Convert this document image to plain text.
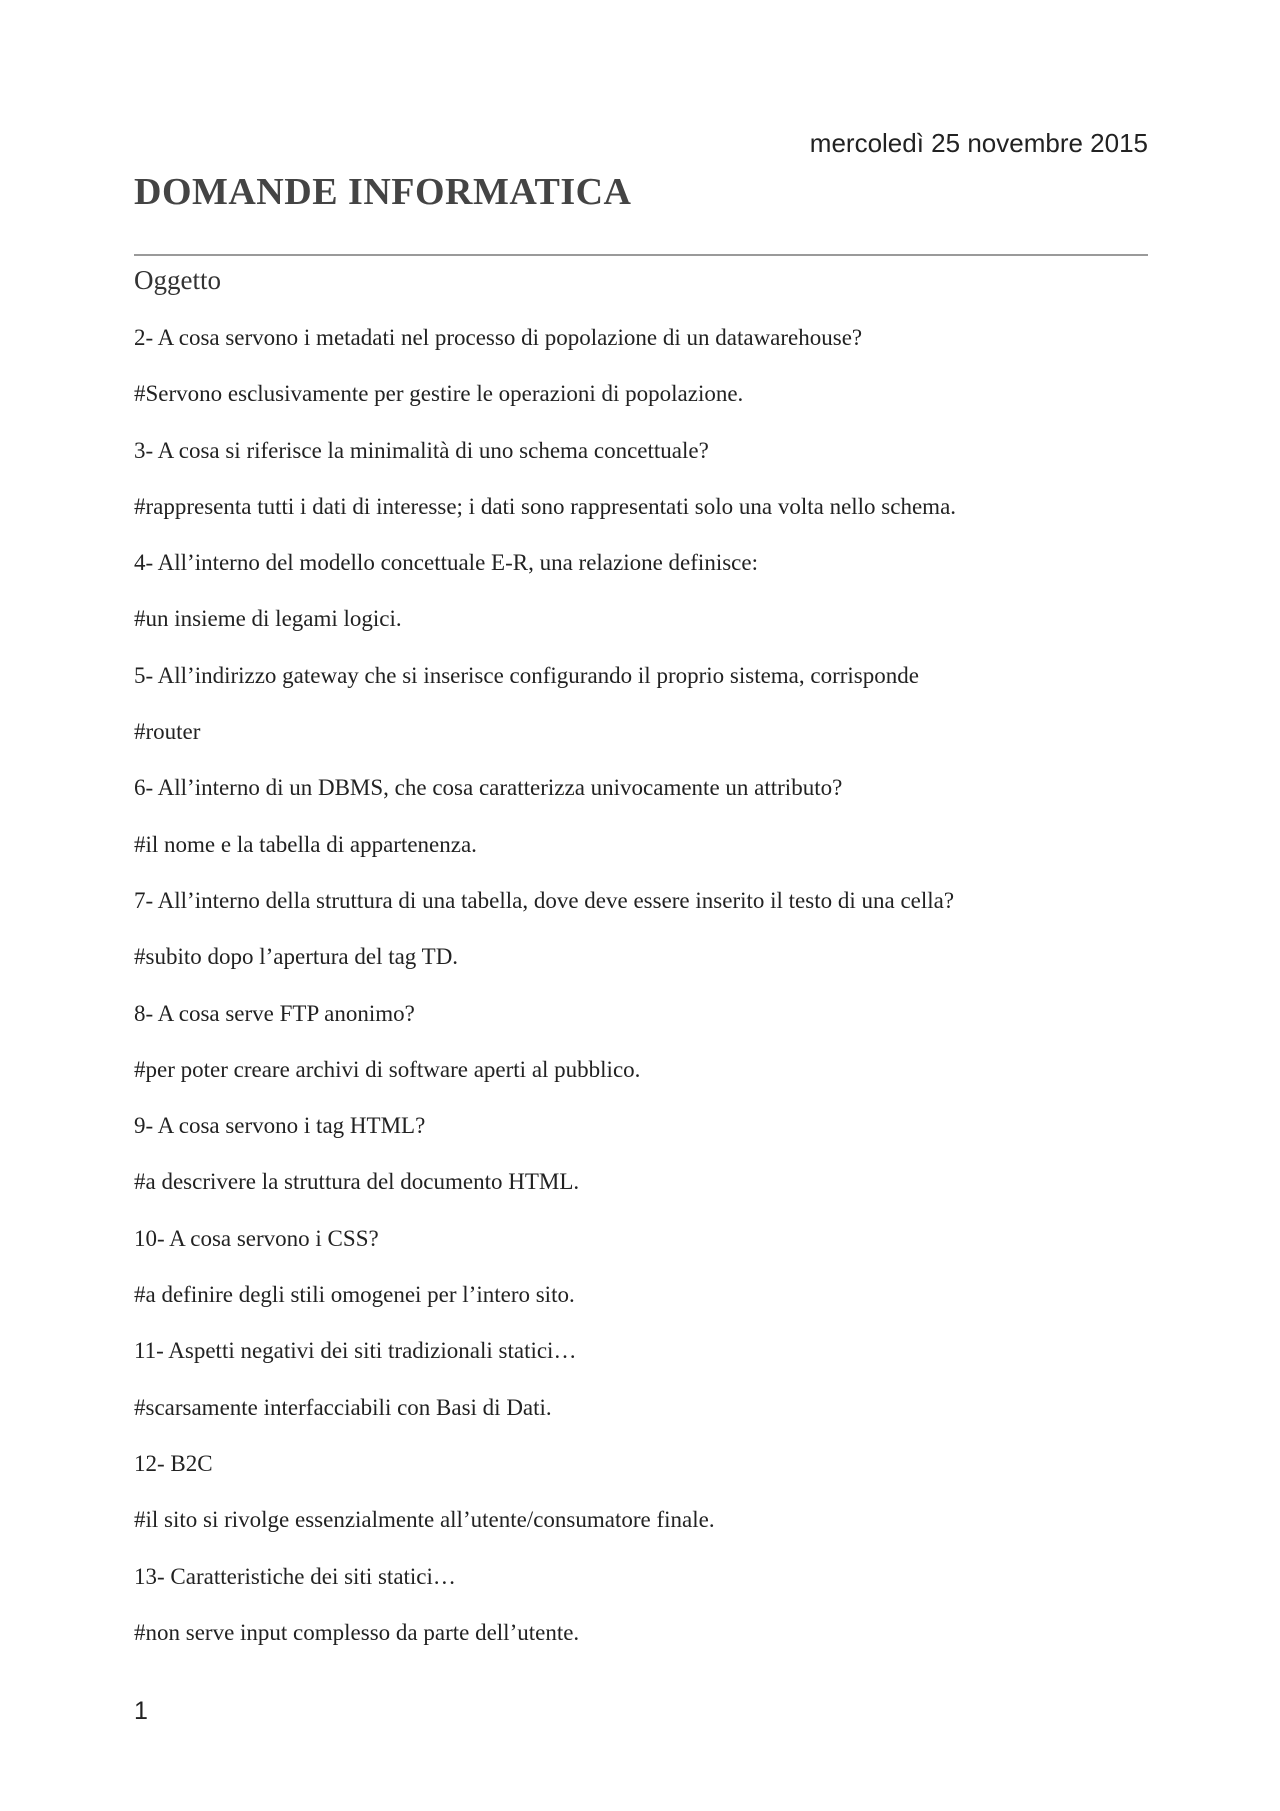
mercoledì 25 novembre 2015
DOMANDE INFORMATICA
Oggetto
2- A cosa servono i metadati nel processo di popolazione di un datawarehouse?
#Servono esclusivamente per gestire le operazioni di popolazione.
3- A cosa si riferisce la minimalità di uno schema concettuale?
#rappresenta tutti i dati di interesse; i dati sono rappresentati solo una volta nello schema.
4- All’interno del modello concettuale E-R, una relazione definisce:
#un insieme di legami logici.
5- All’indirizzo gateway che si inserisce configurando il proprio sistema, corrisponde
#router
6- All’interno di un DBMS, che cosa caratterizza univocamente un attributo?
#il nome e la tabella di appartenenza.
7- All’interno della struttura di una tabella, dove deve essere inserito il testo di una cella?
#subito dopo l’apertura del tag TD.
8- A cosa serve FTP anonimo?
#per poter creare archivi di software aperti al pubblico.
9- A cosa servono i tag HTML?
#a descrivere la struttura del documento HTML.
10- A cosa servono i CSS?
#a definire degli stili omogenei per l’intero sito.
11- Aspetti negativi dei siti tradizionali statici…
#scarsamente interfacciabili con Basi di Dati.
12- B2C
#il sito si rivolge essenzialmente all’utente/consumatore finale.
13- Caratteristiche dei siti statici…
#non serve input complesso da parte dell’utente.
1
